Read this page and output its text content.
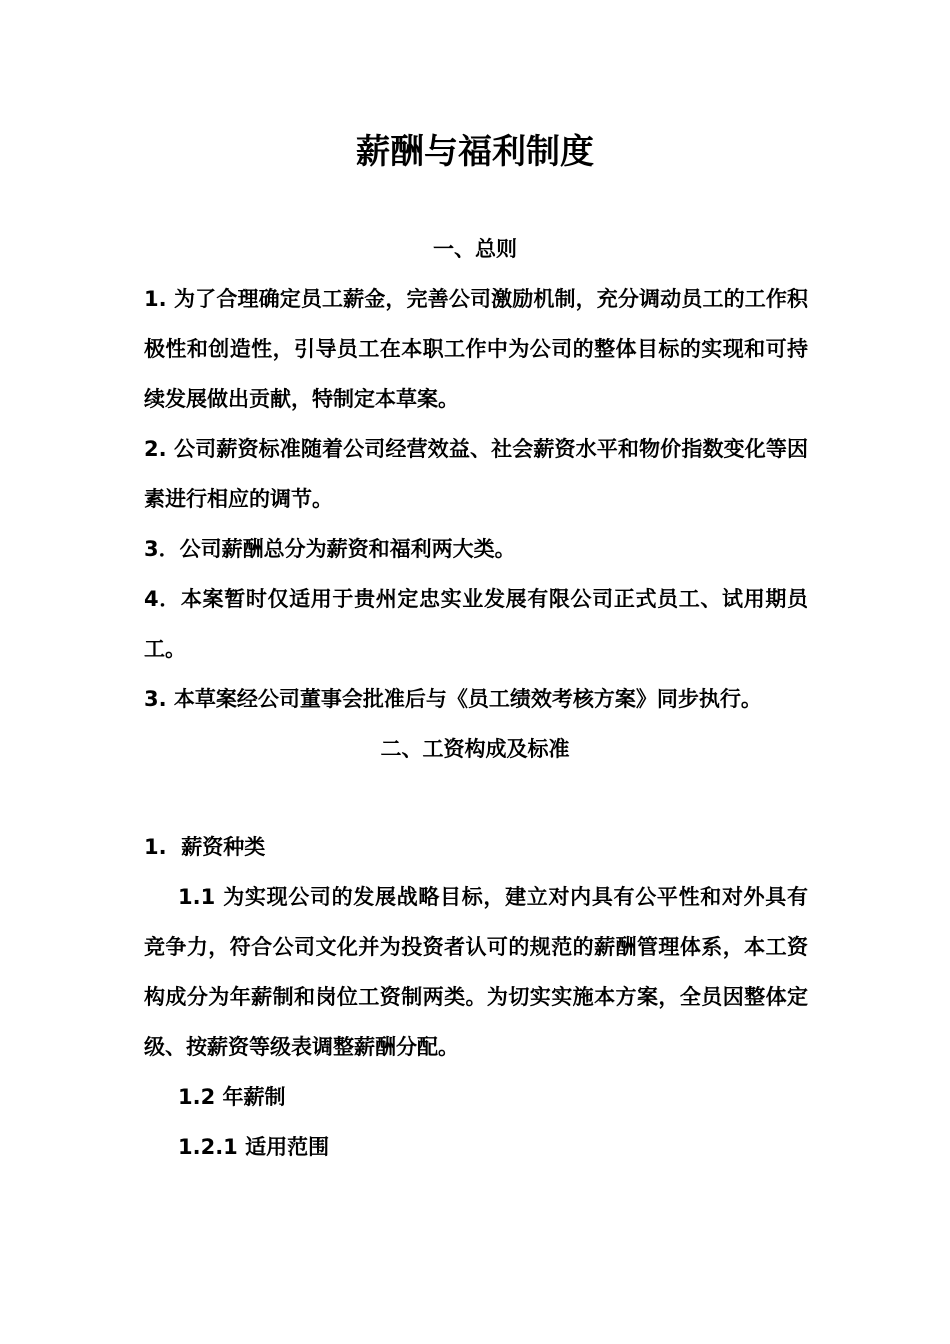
薪酬与福利制度
一、总则

1. 为了合理确定员工薪金，完善公司激励机制，充分调动员工的工作积极性和创造性，引导员工在本职工作中为公司的整体目标的实现和可持续发展做出贡献，特制定本草案。

2. 公司薪资标准随着公司经营效益、社会薪资水平和物价指数变化等因素进行相应的调节。

3．公司薪酬总分为薪资和福利两大类。

4．本案暂时仅适用于贵州定忠实业发展有限公司正式员工、试用期员工。

3. 本草案经公司董事会批准后与《员工绩效考核方案》同步执行。

二、工资构成及标准

1.  薪资种类

1.1 为实现公司的发展战略目标，建立对内具有公平性和对外具有竞争力，符合公司文化并为投资者认可的规范的薪酬管理体系，本工资构成分为年薪制和岗位工资制两类。为切实实施本方案，全员因整体定级、按薪资等级表调整薪酬分配。

1.2 年薪制

1.2.1 适用范围
